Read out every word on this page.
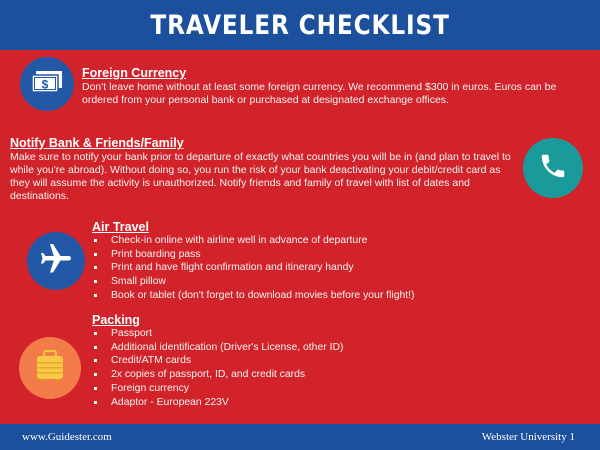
TRAVELER CHECKLIST
$
Foreign Currency
Don't leave home without at least some foreign currency. We recommend $300 in euros. Euros can be ordered from your personal bank or purchased at designated exchange offices.
Notify Bank & Friends/Family
Make sure to notify your bank prior to departure of exactly what countries you will be in (and plan to travel to while you're abroad). Without doing so, you run the risk of your bank deactivating your debit/credit card as they will assume the activity is unauthorized. Notify friends and family of travel with list of dates and destinations.
Air Travel
Check-in online with airline well in advance of departure
Print boarding pass
Print and have flight confirmation and itinerary handy
Small pillow
Book or tablet (don't forget to download movies before your flight!)
Packing
Passport
Additional identification (Driver's License, other ID)
Credit/ATM cards
2x copies of passport, ID, and credit cards
Foreign currency
Adaptor - European 223V
www.Guidester.com	Webster University 1
